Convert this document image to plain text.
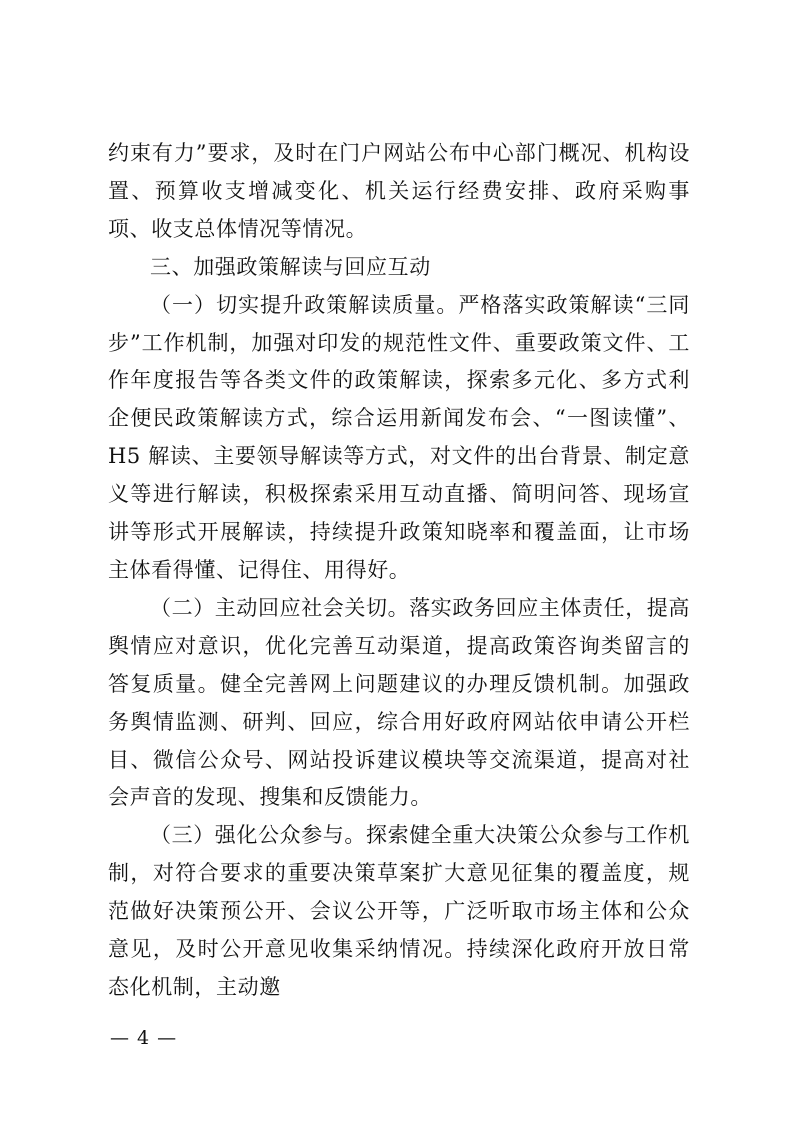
约束有力”要求，及时在门户网站公布中心部门概况、机构设置、预算收支增减变化、机关运行经费安排、政府采购事项、收支总体情况等情况。

三、加强政策解读与回应互动

（一）切实提升政策解读质量。严格落实政策解读“三同步”工作机制，加强对印发的规范性文件、重要政策文件、工作年度报告等各类文件的政策解读，探索多元化、多方式利企便民政策解读方式，综合运用新闻发布会、“一图读懂”、H5 解读、主要领导解读等方式，对文件的出台背景、制定意义等进行解读，积极探索采用互动直播、简明问答、现场宣讲等形式开展解读，持续提升政策知晓率和覆盖面，让市场主体看得懂、记得住、用得好。

（二）主动回应社会关切。落实政务回应主体责任，提高舆情应对意识，优化完善互动渠道，提高政策咨询类留言的答复质量。健全完善网上问题建议的办理反馈机制。加强政务舆情监测、研判、回应，综合用好政府网站依申请公开栏目、微信公众号、网站投诉建议模块等交流渠道，提高对社会声音的发现、搜集和反馈能力。

（三）强化公众参与。探索健全重大决策公众参与工作机制，对符合要求的重要决策草案扩大意见征集的覆盖度，规范做好决策预公开、会议公开等，广泛听取市场主体和公众意见，及时公开意见收集采纳情况。持续深化政府开放日常态化机制，主动邀

— 4 —
